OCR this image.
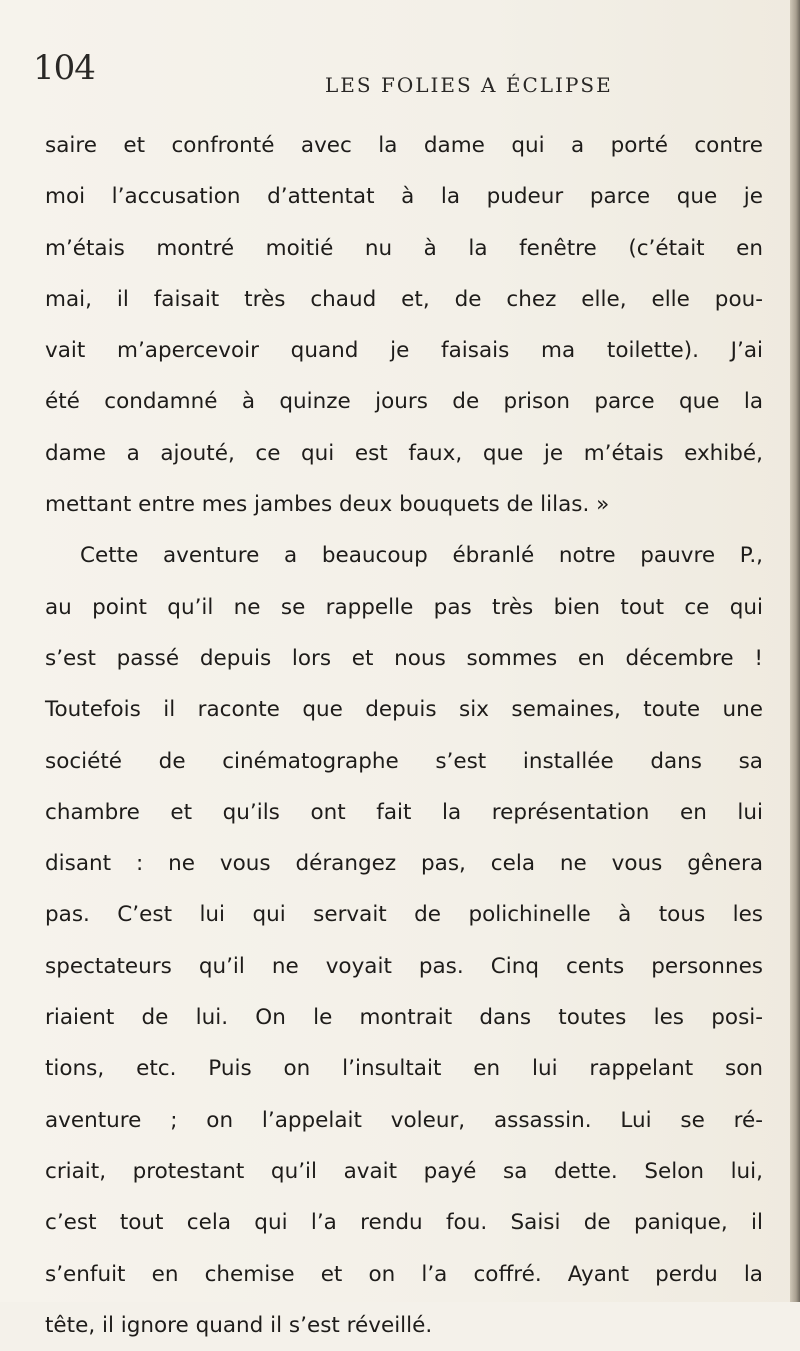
104	LES FOLIES A ÉCLIPSE
saire et confronté avec la dame qui a porté contre
moi l’accusation d’attentat à la pudeur parce que je
m’étais montré moitié nu à la fenêtre (c’était en
mai, il faisait très chaud et, de chez elle, elle pou-
vait m’apercevoir quand je faisais ma toilette). J’ai
été condamné à quinze jours de prison parce que la
dame a ajouté, ce qui est faux, que je m’étais exhibé,
mettant entre mes jambes deux bouquets de lilas. »
Cette aventure a beaucoup ébranlé notre pauvre P.,
au point qu’il ne se rappelle pas très bien tout ce qui
s’est passé depuis lors et nous sommes en décembre !
Toutefois il raconte que depuis six semaines, toute une
société de cinématographe s’est installée dans sa
chambre et qu’ils ont fait la représentation en lui
disant : ne vous dérangez pas, cela ne vous gênera
pas. C’est lui qui servait de polichinelle à tous les
spectateurs qu’il ne voyait pas. Cinq cents personnes
riaient de lui. On le montrait dans toutes les posi-
tions, etc. Puis on l’insultait en lui rappelant son
aventure ; on l’appelait voleur, assassin. Lui se ré-
criait, protestant qu’il avait payé sa dette. Selon lui,
c’est tout cela qui l’a rendu fou. Saisi de panique, il
s’enfuit en chemise et on l’a coffré. Ayant perdu la
tête, il ignore quand il s’est réveillé.
